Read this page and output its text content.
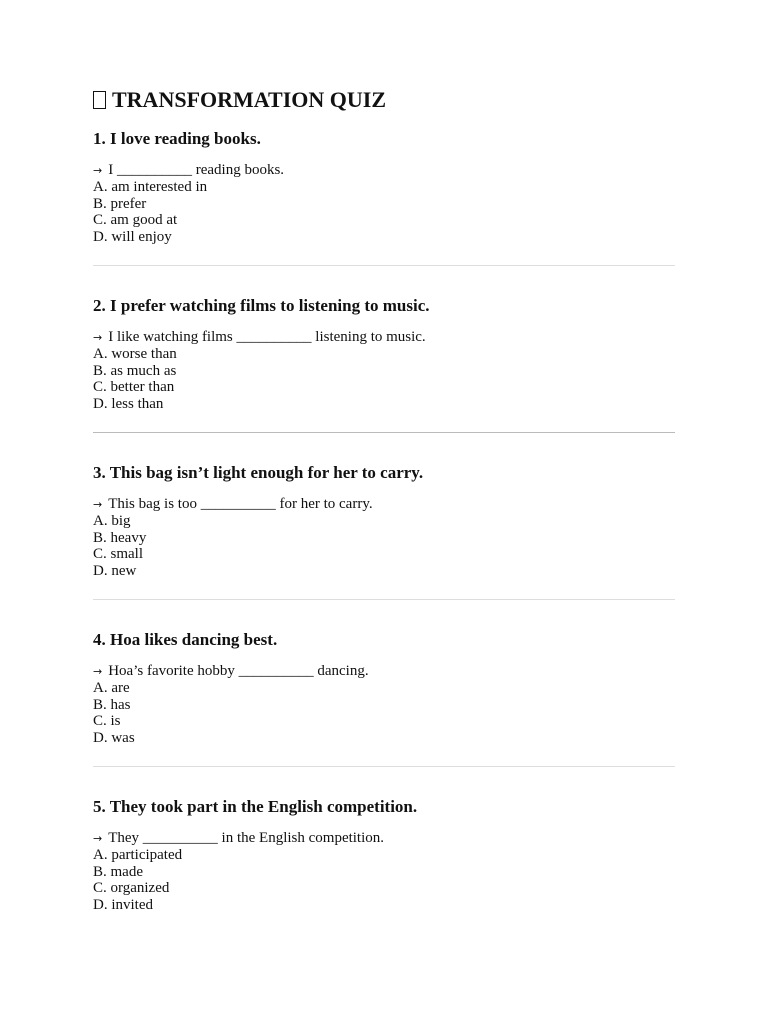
TRANSFORMATION QUIZ
1. I love reading books.
→ I __________ reading books.
A. am interested in
B. prefer
C. am good at
D. will enjoy
2. I prefer watching films to listening to music.
→ I like watching films __________ listening to music.
A. worse than
B. as much as
C. better than
D. less than
3. This bag isn’t light enough for her to carry.
→ This bag is too __________ for her to carry.
A. big
B. heavy
C. small
D. new
4. Hoa likes dancing best.
→ Hoa’s favorite hobby __________ dancing.
A. are
B. has
C. is
D. was
5. They took part in the English competition.
→ They __________ in the English competition.
A. participated
B. made
C. organized
D. invited
